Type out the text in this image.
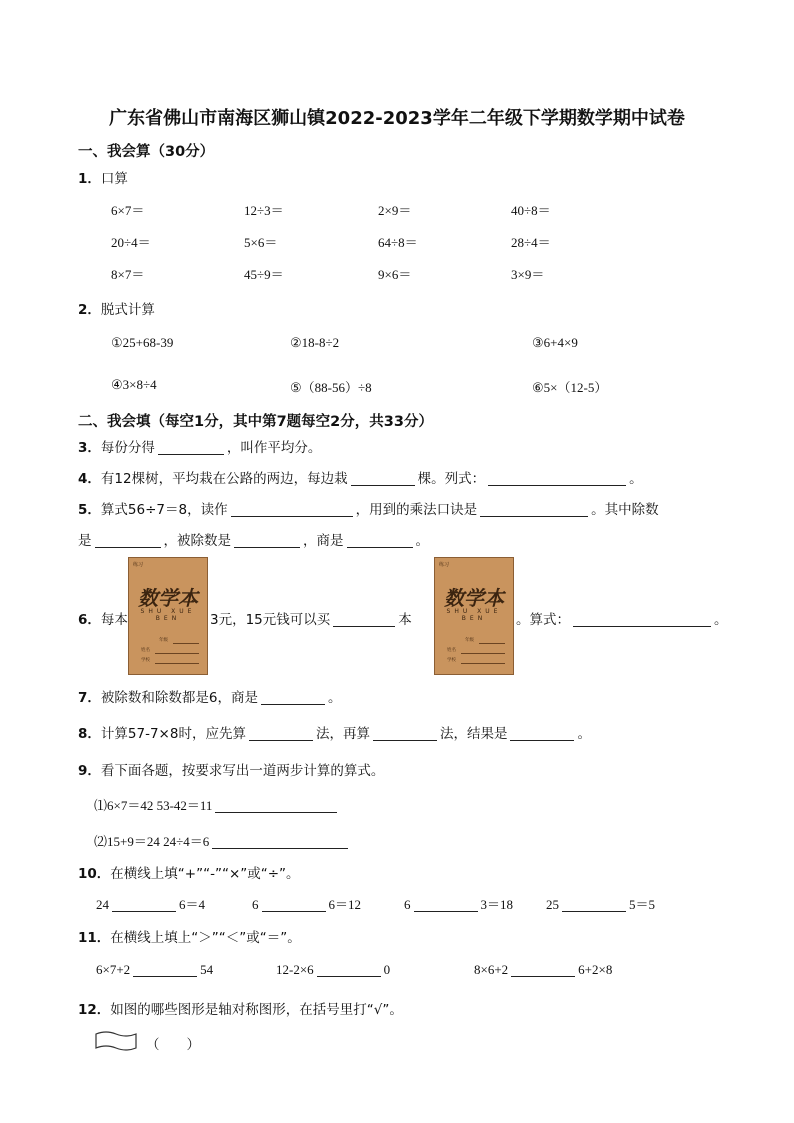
广东省佛山市南海区狮山镇2022-2023学年二年级下学期数学期中试卷
一、我会算（30分）
1．口算
6×7＝	12÷3＝	2×9＝	40÷8＝
20÷4＝	5×6＝	64÷8＝	28÷4＝
8×7＝	45÷9＝	9×6＝	3×9＝
2．脱式计算
①25+68-39	②18-8÷2	③6+4×9
④3×8÷4	⑤（88-56）÷8	⑥5×（12-5）
二、我会填（每空1分，其中第7题每空2分，共33分）
3．每份分得	，叫作平均分。
4．有12棵树，平均栽在公路的两边，每边栽	棵。列式：	。
5．算式56÷7＝8，读作	，用到的乘法口诀是	。其中除数
是	，被除数是	，商是	。
6．每本
练习
数学本
SHU XUE BEN
年级
姓名
学校
3元，15元钱可以买	本
练习
数学本
SHU XUE BEN
年级
姓名
学校
。算式：	。
7．被除数和除数都是6，商是	。
8．计算57-7×8时，应先算	法，再算	法，结果是	。
9．看下面各题，按要求写出一道两步计算的算式。
⑴6×7＝42 53-42＝11
⑵15+9＝24 24÷4＝6
10．在横线上填“+”“-”“×”或“÷”。
24	6＝4	6	6＝12	6	3＝18	25	5＝5
11．在横线上填上“＞”“＜”或“＝”。
6×7+2	54	12-2×6	0	8×6+2	6+2×8
12．如图的哪些图形是轴对称图形，在括号里打“√”。
（　　）
